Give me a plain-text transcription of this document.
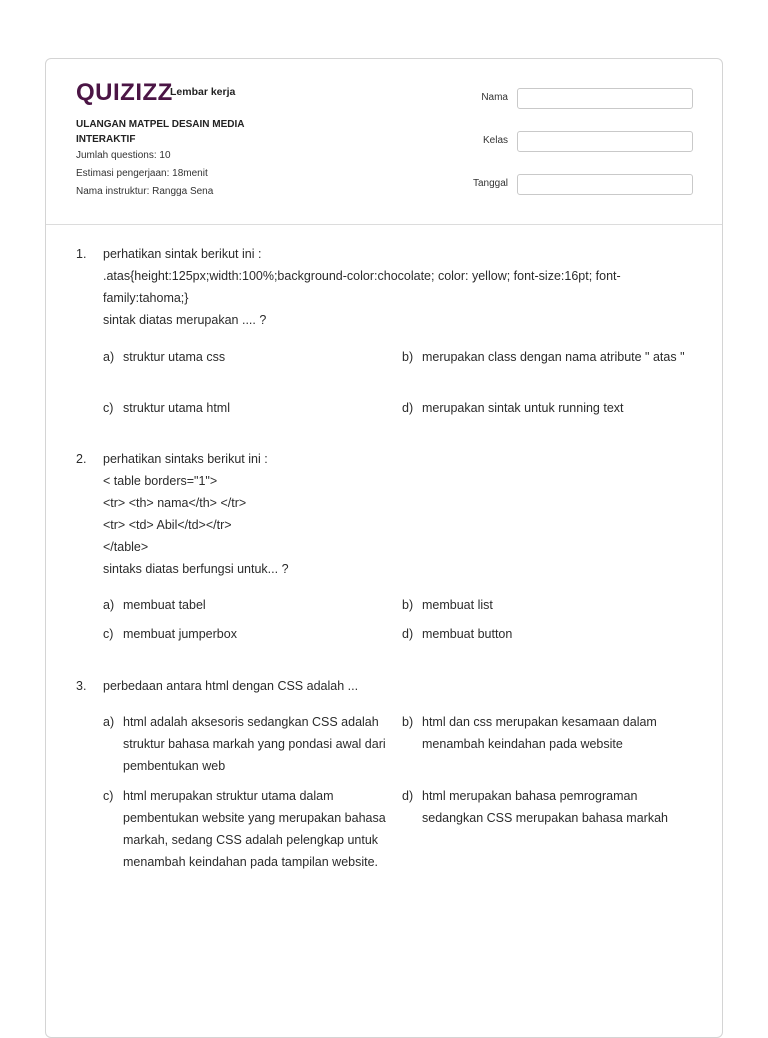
QUIZIZZ
Lembar kerja
ULANGAN MATPEL DESAIN MEDIA INTERAKTIF
Jumlah questions: 10
Estimasi pengerjaan: 18menit
Nama instruktur: Rangga Sena
Nama
Kelas
Tanggal
1. perhatikan sintak berikut ini :
.atas{height:125px;width:100%;background-color:chocolate; color: yellow; font-size:16pt; font-
family:tahoma;}
sintak diatas merupakan .... ?
a) struktur utama css	b) merupakan class dengan nama atribute " atas "
c) struktur utama html	d) merupakan sintak untuk running text
2. perhatikan sintaks berikut ini :
< table borders="1">
<tr> <th> nama</th> </tr>
<tr> <td> Abil</td></tr>
</table>
sintaks diatas berfungsi untuk... ?
a) membuat tabel	b) membuat list
c) membuat jumperbox	d) membuat button
3. perbedaan antara html dengan CSS adalah ...
a) html adalah aksesoris sedangkan CSS adalah struktur bahasa markah yang pondasi awal dari pembentukan web
b) html dan css merupakan kesamaan dalam menambah keindahan pada website
c) html merupakan struktur utama dalam pembentukan website yang merupakan bahasa markah, sedang CSS adalah pelengkap untuk menambah keindahan pada tampilan website.
d) html merupakan bahasa pemrograman sedangkan CSS merupakan bahasa markah
